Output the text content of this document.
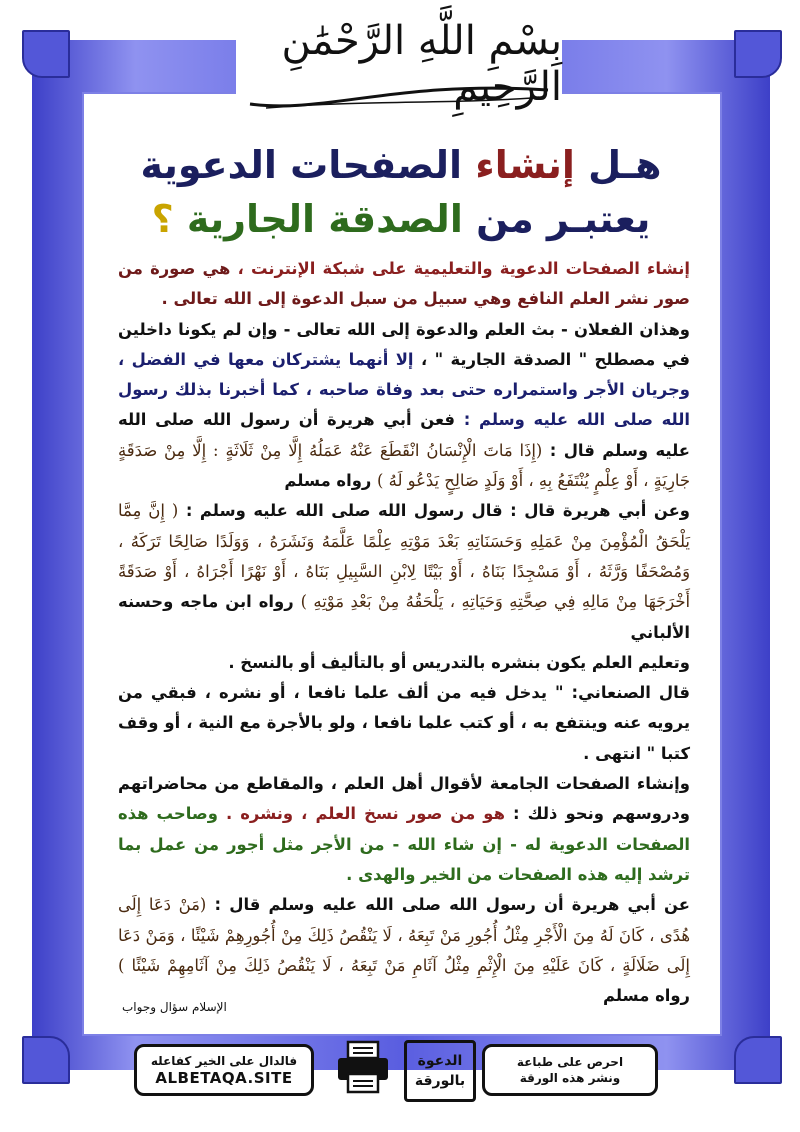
بِسْمِ اللَّهِ الرَّحْمَٰنِ الرَّحِيمِ
هـل إنشاء الصفحات الدعوية
يعتبـر من الصدقة الجارية ؟

إنشاء الصفحات الدعوية والتعليمية على شبكة الإنترنت ، هي صورة من صور نشر العلم النافع وهي سبيل من سبل الدعوة إلى الله تعالى .

وهذان الفعلان - بث العلم والدعوة إلى الله تعالى - وإن لم يكونا داخلين في مصطلح " الصدقة الجارية " ، إلا أنهما يشتركان معها في الفضل ، وجريان الأجر واستمراره حتى بعد وفاة صاحبه ، كما أخبرنا بذلك رسول الله صلى الله عليه وسلم : فعن أبي هريرة أن رسول الله صلى الله عليه وسلم قال : (إِذَا مَاتَ الْإِنْسَانُ انْقَطَعَ عَنْهُ عَمَلُهُ إِلَّا مِنْ ثَلَاثَةٍ : إِلَّا مِنْ صَدَقَةٍ جَارِيَةٍ ، أَوْ عِلْمٍ يُنْتَفَعُ بِهِ ، أَوْ وَلَدٍ صَالِحٍ يَدْعُو لَهُ ) رواه مسلم

وعن أبي هريرة قال : قال رسول الله صلى الله عليه وسلم : ( إِنَّ مِمَّا يَلْحَقُ الْمُؤْمِنَ مِنْ عَمَلِهِ وَحَسَنَاتِهِ بَعْدَ مَوْتِهِ عِلْمًا عَلَّمَهُ وَنَشَرَهُ ، وَوَلَدًا صَالِحًا تَرَكَهُ ، وَمُصْحَفًا وَرَّثَهُ ، أَوْ مَسْجِدًا بَنَاهُ ، أَوْ بَيْتًا لِابْنِ السَّبِيلِ بَنَاهُ ، أَوْ نَهْرًا أَجْرَاهُ ، أَوْ صَدَقَةً أَخْرَجَهَا مِنْ مَالِهِ فِي صِحَّتِهِ وَحَيَاتِهِ ، يَلْحَقُهُ مِنْ بَعْدِ مَوْتِهِ ) رواه ابن ماجه وحسنه الألباني

وتعليم العلم يكون بنشره بالتدريس أو بالتأليف أو بالنسخ .

قال الصنعاني: " يدخل فيه من ألف علما نافعا ، أو نشره ، فبقي من يرويه عنه وينتفع به ، أو كتب علما نافعا ، ولو بالأجرة مع النية ، أو وقف كتبا " انتهى .

وإنشاء الصفحات الجامعة لأقوال أهل العلم ، والمقاطع من محاضراتهم ودروسهم ونحو ذلك : هو من صور نسخ العلم ، ونشره . وصاحب هذه الصفحات الدعوية له - إن شاء الله - من الأجر مثل أجور من عمل بما ترشد إليه هذه الصفحات من الخير والهدى .

عن أبي هريرة أن رسول الله صلى الله عليه وسلم قال : (مَنْ دَعَا إِلَى هُدًى ، كَانَ لَهُ مِنَ الْأَجْرِ مِثْلُ أُجُورِ مَنْ تَبِعَهُ ، لَا يَنْقُصُ ذَلِكَ مِنْ أُجُورِهِمْ شَيْئًا ، وَمَنْ دَعَا إِلَى ضَلَالَةٍ ، كَانَ عَلَيْهِ مِنَ الْإِثْمِ مِثْلُ آثَامِ مَنْ تَبِعَهُ ، لَا يَنْقُصُ ذَلِكَ مِنْ آثَامِهِمْ شَيْئًا ) رواه مسلم

الإسلام سؤال وجواب
فالدال على الخير كفاعله
ALBETAQA.SITE
الدعوة
بالورقة
احرص على طباعة
ونشر هذه الورقة
